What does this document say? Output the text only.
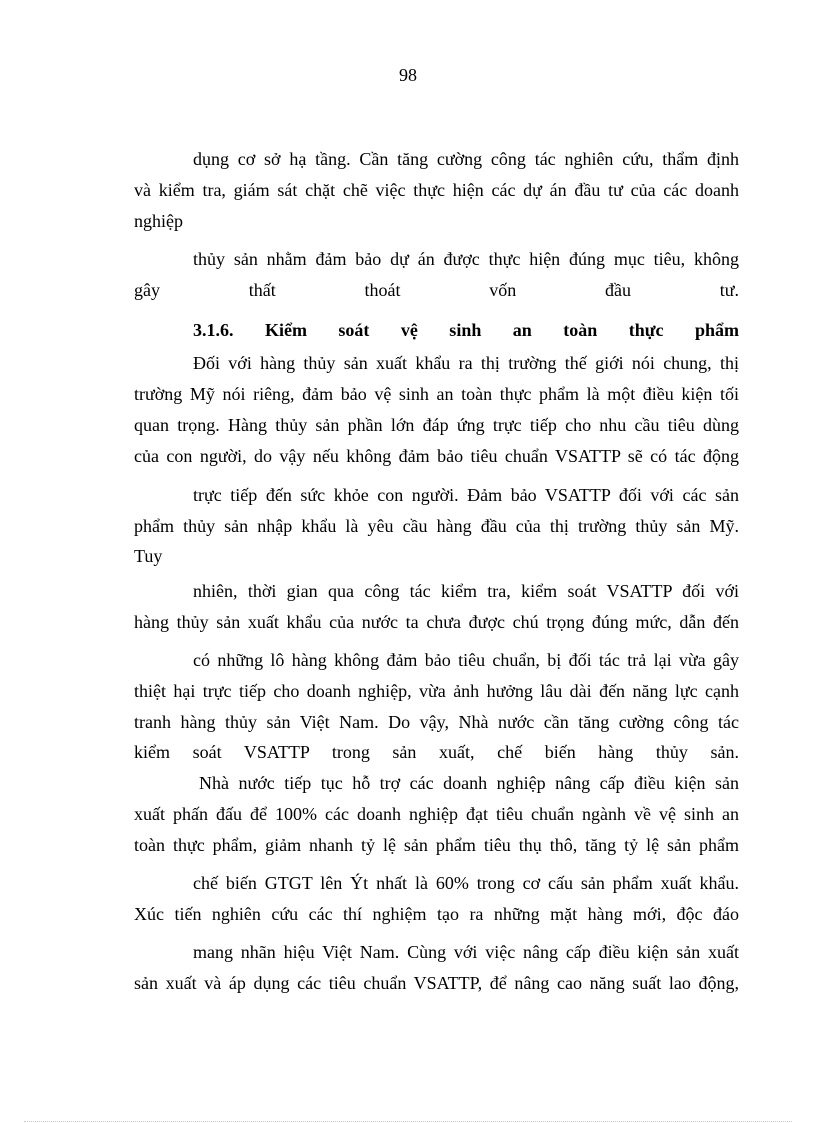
98
dụng cơ sở hạ tầng. Cần tăng cường công tác nghiên cứu, thẩm định
và kiểm tra, giám sát chặt chẽ việc thực hiện các dự án đầu tư của các doanh
nghiệp
thủy sản nhằm đảm bảo dự án được thực hiện đúng mục tiêu, không
gây thất thoát vốn đầu tư.
3.1.6. Kiểm soát vệ sinh an toàn thực phẩm
Đối với hàng thủy sản xuất khẩu ra thị trường thế giới nói chung, thị
trường Mỹ nói riêng, đảm bảo vệ sinh an toàn thực phẩm là một điều kiện tối
quan trọng. Hàng thủy sản phần lớn đáp ứng trực tiếp cho nhu cầu tiêu dùng
của con người, do vậy nếu không đảm bảo tiêu chuẩn VSATTP sẽ có tác động
trực tiếp đến sức khỏe con người. Đảm bảo VSATTP đối với các sản
phẩm thủy sản nhập khẩu là yêu cầu hàng đầu của thị trường thủy sản Mỹ.
Tuy
nhiên, thời gian qua công tác kiểm tra, kiểm soát VSATTP đối với
hàng thủy sản xuất khẩu của nước ta chưa được chú trọng đúng mức, dẫn đến
có những lô hàng không đảm bảo tiêu chuẩn, bị đối tác trả lại vừa gây
thiệt hại trực tiếp cho doanh nghiệp, vừa ảnh hưởng lâu dài đến năng lực cạnh
tranh hàng thủy sản Việt Nam. Do vậy, Nhà nước cần tăng cường công tác
kiểm soát VSATTP trong sản xuất, chế biến hàng thủy sản.
Nhà nước tiếp tục hỗ trợ các doanh nghiệp nâng cấp điều kiện sản
xuất phấn đấu để 100% các doanh nghiệp đạt tiêu chuẩn ngành về vệ sinh an
toàn thực phẩm, giảm nhanh tỷ lệ sản phẩm tiêu thụ thô, tăng tỷ lệ sản phẩm
chế biến GTGT lên Ýt nhất là 60% trong cơ cấu sản phẩm xuất khẩu.
Xúc tiến nghiên cứu các thí nghiệm tạo ra những mặt hàng mới, độc đáo
mang nhãn hiệu Việt Nam. Cùng với việc nâng cấp điều kiện sản xuất
sản xuất và áp dụng các tiêu chuẩn VSATTP, để nâng cao năng suất lao động,
